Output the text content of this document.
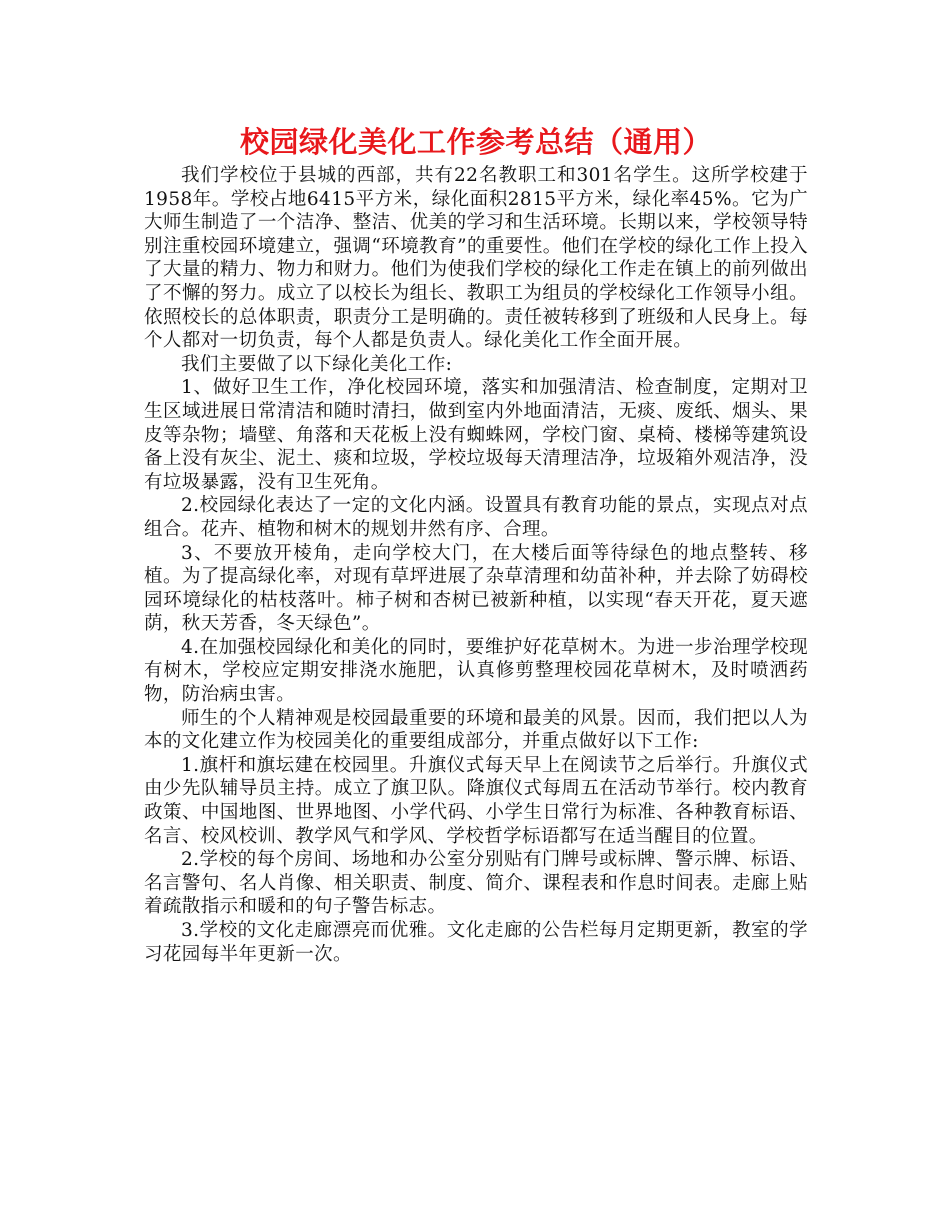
校园绿化美化工作参考总结（通用）

我们学校位于县城的西部，共有22名教职工和301名学生。这所学校建于1958年。学校占地6415平方米，绿化面积2815平方米，绿化率45%。它为广大师生制造了一个洁净、整洁、优美的学习和生活环境。长期以来，学校领导特别注重校园环境建立，强调“环境教育”的重要性。他们在学校的绿化工作上投入了大量的精力、物力和财力。他们为使我们学校的绿化工作走在镇上的前列做出了不懈的努力。成立了以校长为组长、教职工为组员的学校绿化工作领导小组。依照校长的总体职责，职责分工是明确的。责任被转移到了班级和人民身上。每个人都对一切负责，每个人都是负责人。绿化美化工作全面开展。

我们主要做了以下绿化美化工作:

1、做好卫生工作，净化校园环境，落实和加强清洁、检查制度，定期对卫生区域进展日常清洁和随时清扫，做到室内外地面清洁，无痰、废纸、烟头、果皮等杂物；墙壁、角落和天花板上没有蜘蛛网，学校门窗、桌椅、楼梯等建筑设备上没有灰尘、泥土、痰和垃圾，学校垃圾每天清理洁净，垃圾箱外观洁净，没有垃圾暴露，没有卫生死角。

2.校园绿化表达了一定的文化内涵。设置具有教育功能的景点，实现点对点组合。花卉、植物和树木的规划井然有序、合理。

3、不要放开棱角，走向学校大门，在大楼后面等待绿色的地点整转、移植。为了提高绿化率，对现有草坪进展了杂草清理和幼苗补种，并去除了妨碍校园环境绿化的枯枝落叶。柿子树和杏树已被新种植，以实现“春天开花，夏天遮荫，秋天芳香，冬天绿色”。

4.在加强校园绿化和美化的同时，要维护好花草树木。为进一步治理学校现有树木，学校应定期安排浇水施肥，认真修剪整理校园花草树木，及时喷洒药物，防治病虫害。

师生的个人精神观是校园最重要的环境和最美的风景。因而，我们把以人为本的文化建立作为校园美化的重要组成部分，并重点做好以下工作:

1.旗杆和旗坛建在校园里。升旗仪式每天早上在阅读节之后举行。升旗仪式由少先队辅导员主持。成立了旗卫队。降旗仪式每周五在活动节举行。校内教育政策、中国地图、世界地图、小学代码、小学生日常行为标准、各种教育标语、名言、校风校训、教学风气和学风、学校哲学标语都写在适当醒目的位置。

2.学校的每个房间、场地和办公室分别贴有门牌号或标牌、警示牌、标语、名言警句、名人肖像、相关职责、制度、简介、课程表和作息时间表。走廊上贴着疏散指示和暖和的句子警告标志。

3.学校的文化走廊漂亮而优雅。文化走廊的公告栏每月定期更新，教室的学习花园每半年更新一次。
